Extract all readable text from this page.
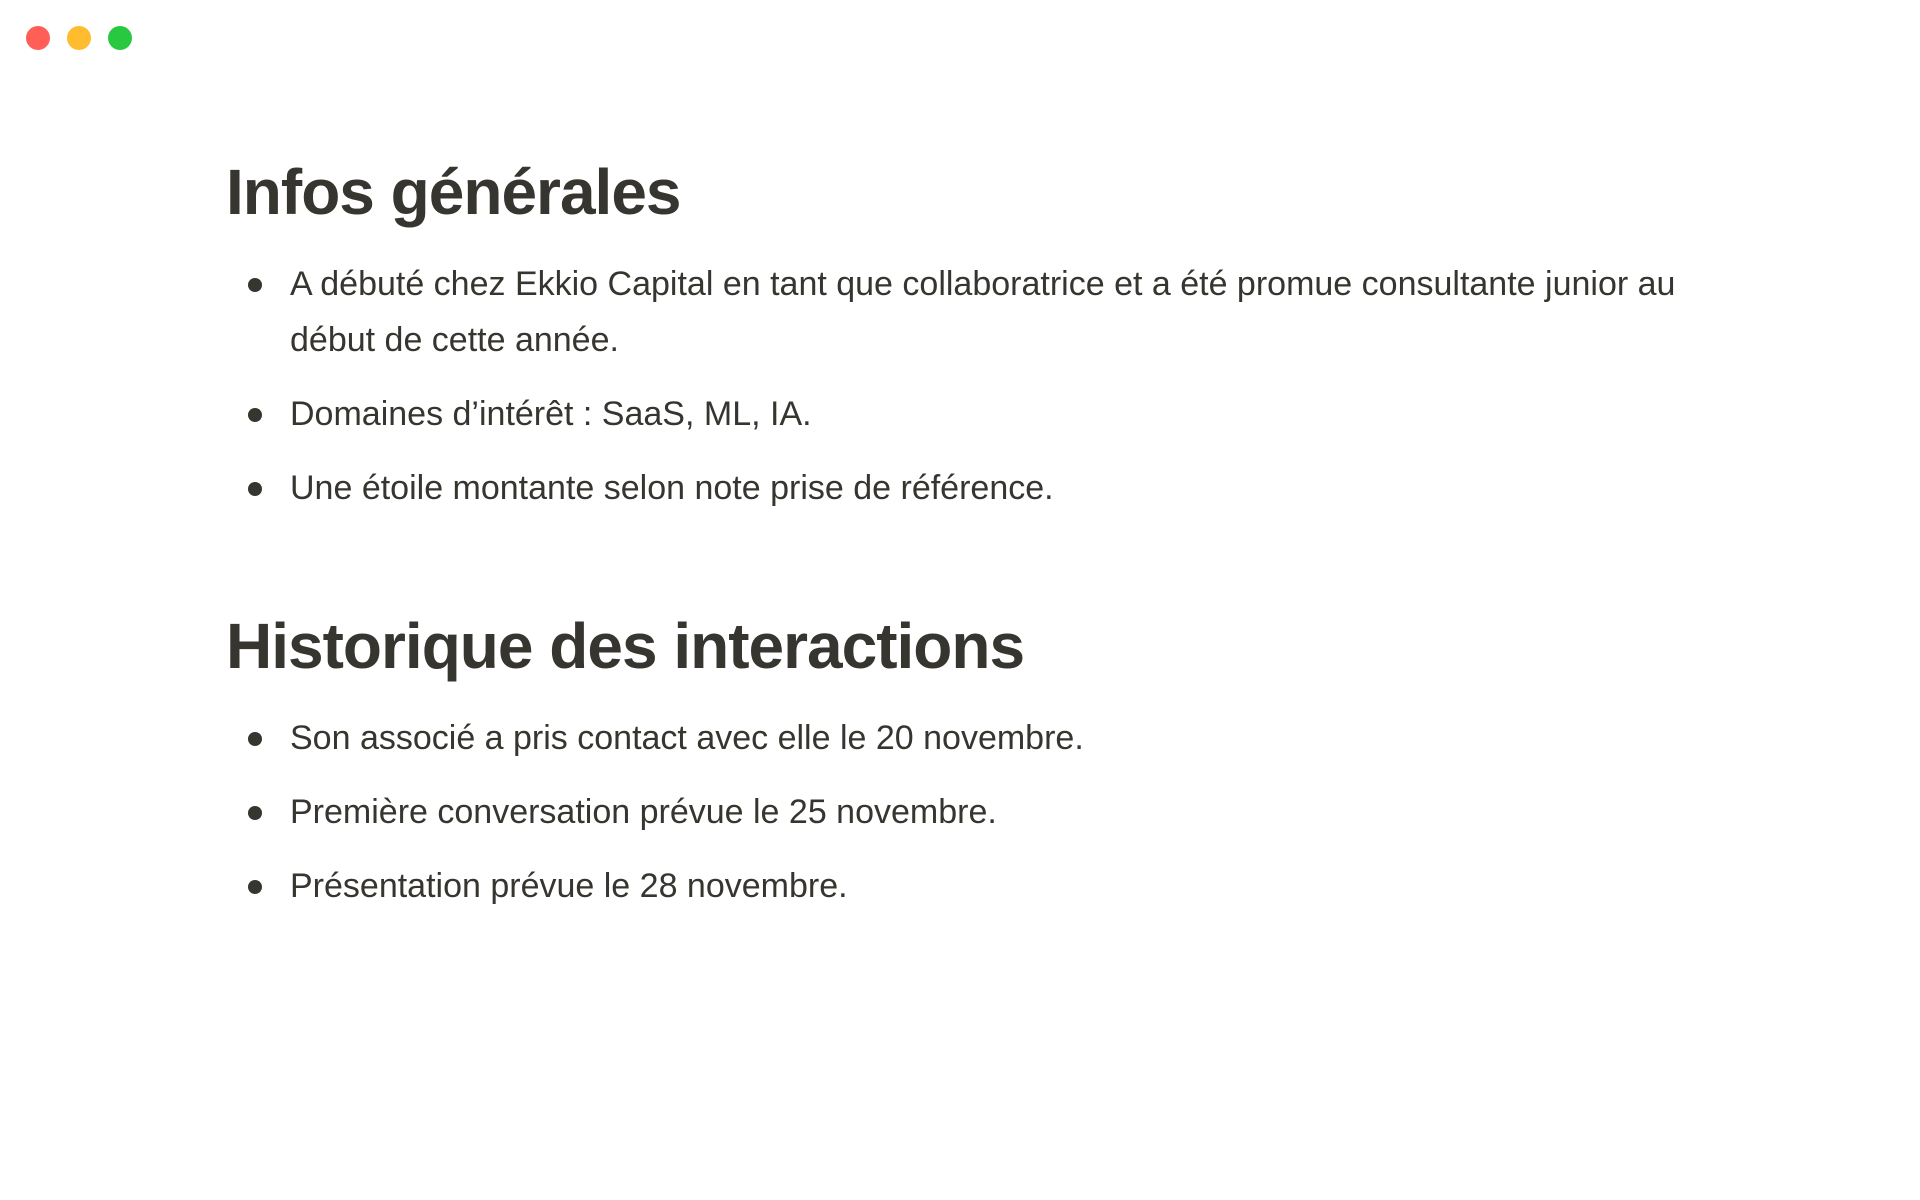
Infos générales
A débuté chez Ekkio Capital en tant que collaboratrice et a été promue consultante junior au début de cette année.
Domaines d’intérêt : SaaS, ML, IA.
Une étoile montante selon note prise de référence.
Historique des interactions
Son associé a pris contact avec elle le 20 novembre.
Première conversation prévue le 25 novembre.
Présentation prévue le 28 novembre.
